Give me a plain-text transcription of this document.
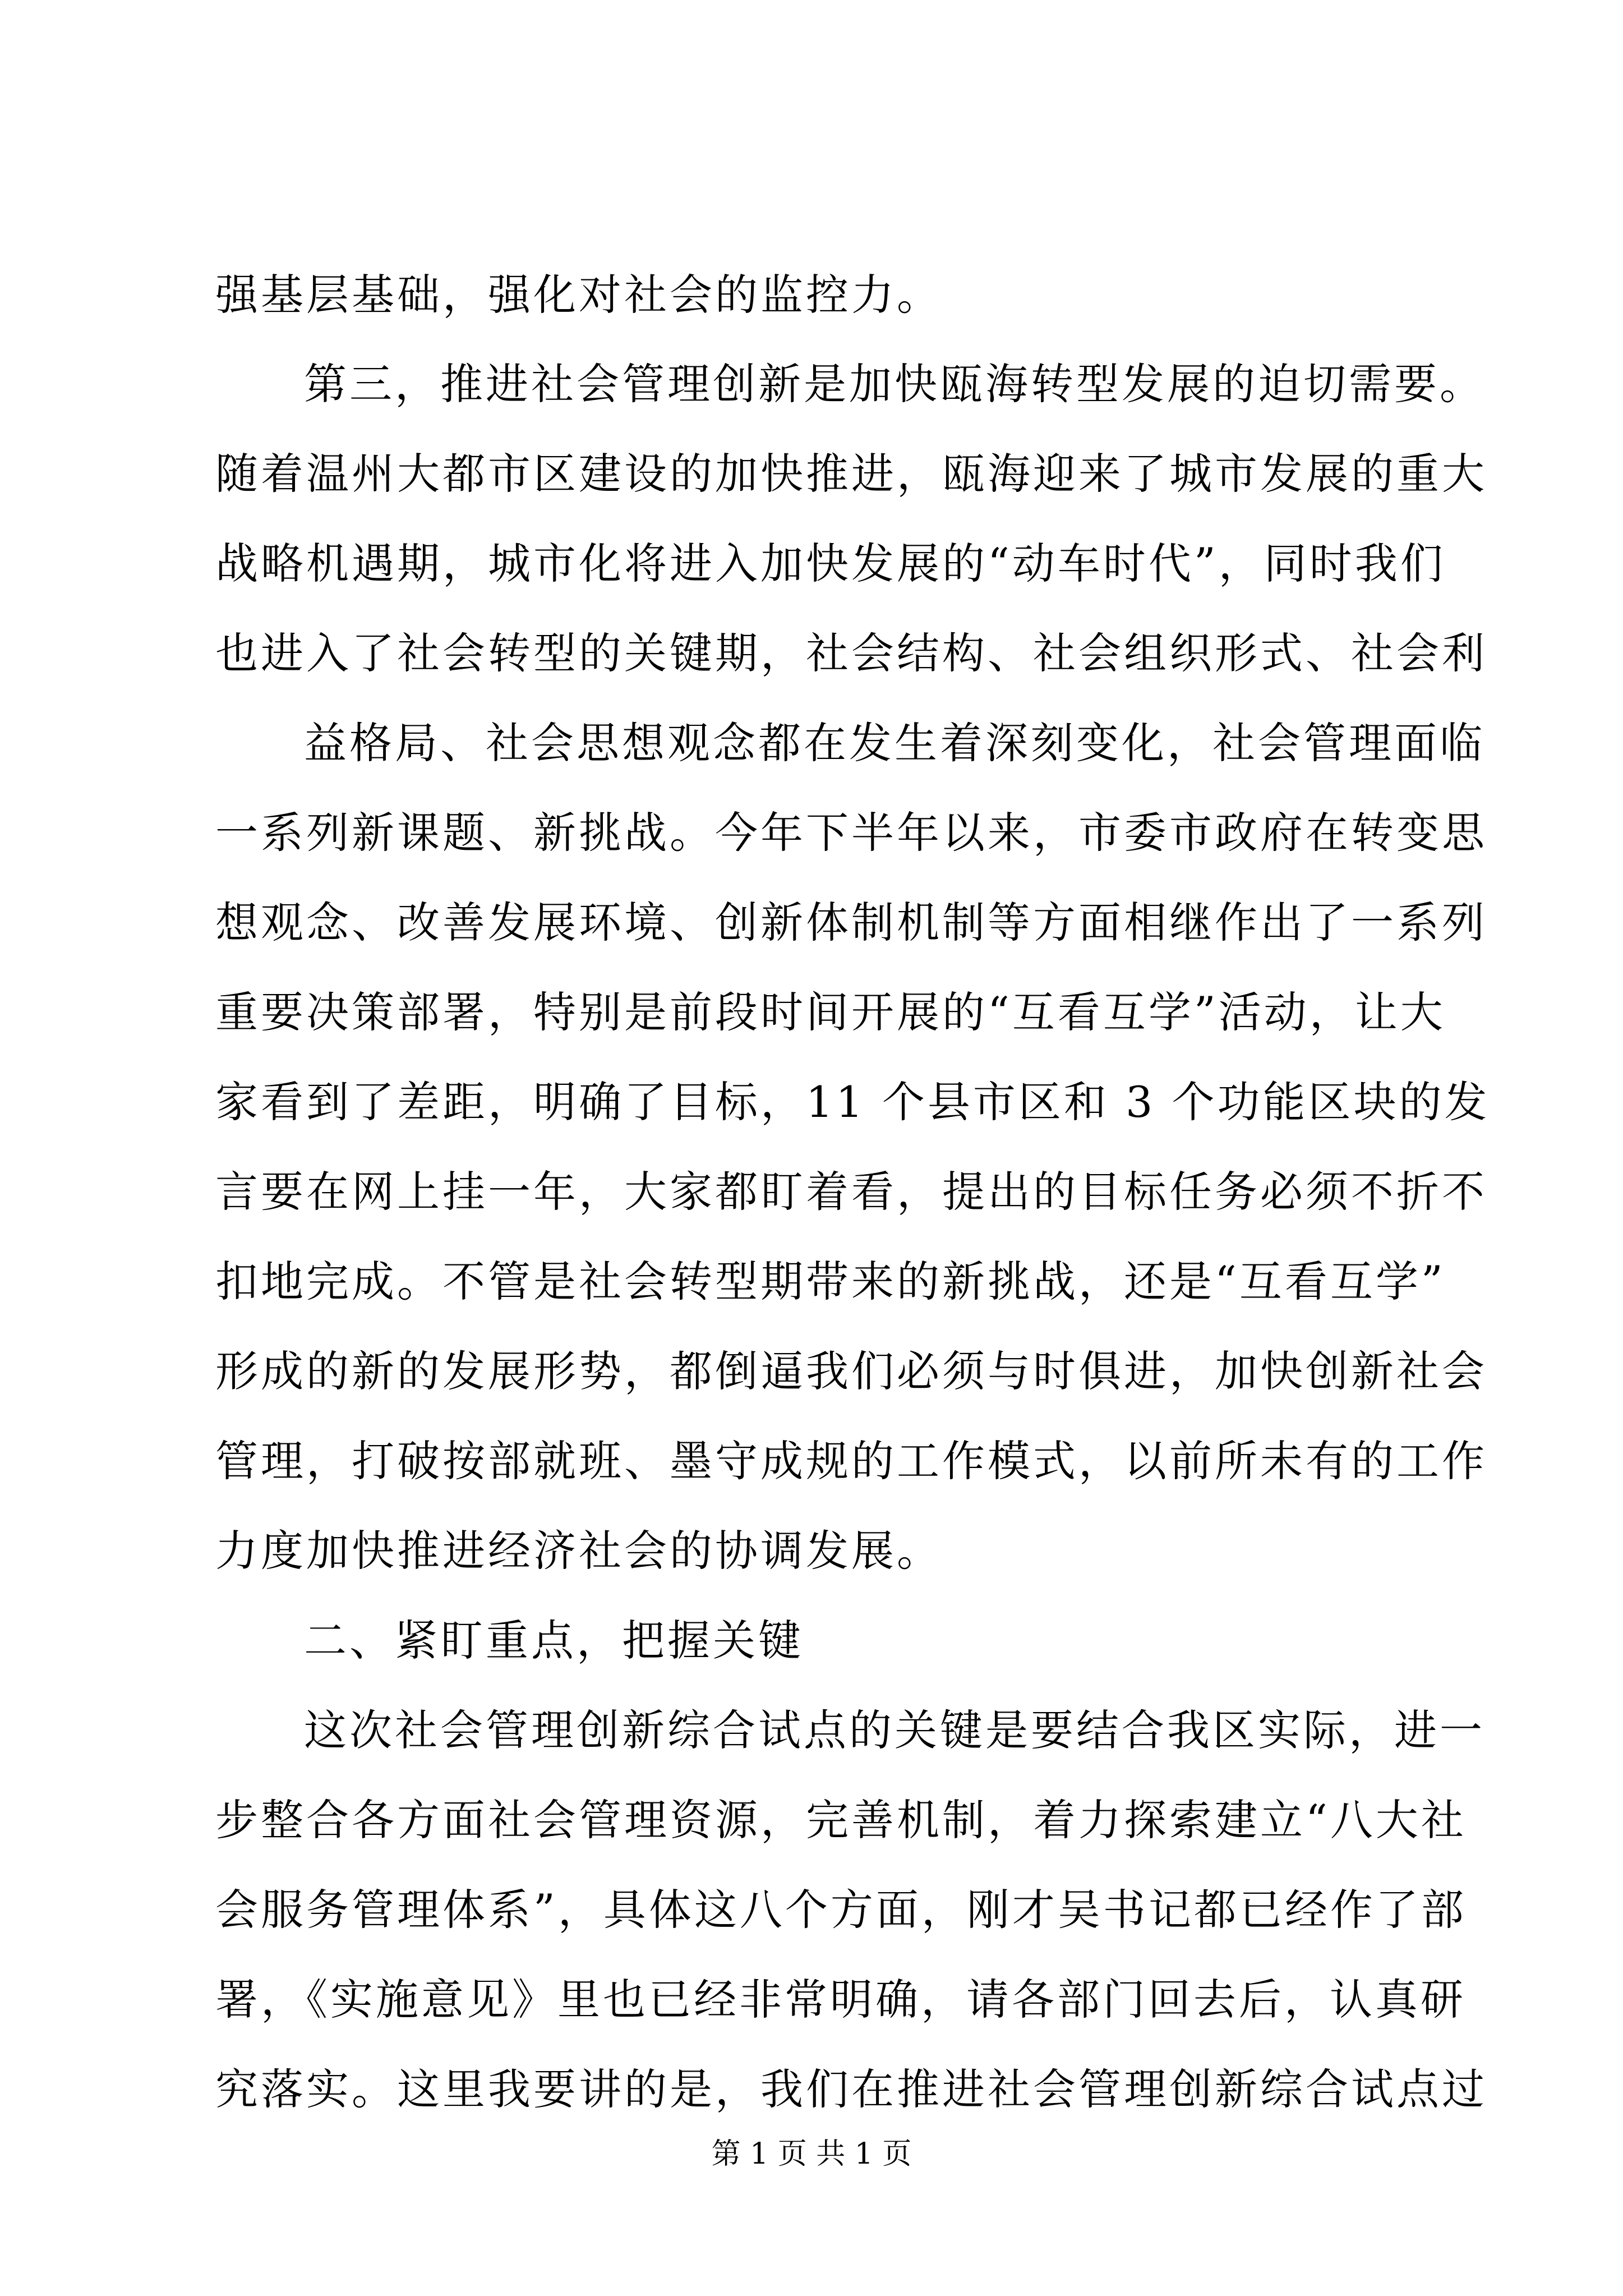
强基层基础，强化对社会的监控力。
第三，推进社会管理创新是加快瓯海转型发展的迫切需要。
随着温州大都市区建设的加快推进，瓯海迎来了城市发展的重大
战略机遇期，城市化将进入加快发展的“动车时代”，同时我们
也进入了社会转型的关键期，社会结构、社会组织形式、社会利
益格局、社会思想观念都在发生着深刻变化，社会管理面临
一系列新课题、新挑战。今年下半年以来，市委市政府在转变思
想观念、改善发展环境、创新体制机制等方面相继作出了一系列
重要决策部署，特别是前段时间开展的“互看互学”活动，让大
家看到了差距，明确了目标，11 个县市区和 3 个功能区块的发
言要在网上挂一年，大家都盯着看，提出的目标任务必须不折不
扣地完成。不管是社会转型期带来的新挑战，还是“互看互学”
形成的新的发展形势，都倒逼我们必须与时俱进，加快创新社会
管理，打破按部就班、墨守成规的工作模式，以前所未有的工作
力度加快推进经济社会的协调发展。
二、紧盯重点，把握关键
这次社会管理创新综合试点的关键是要结合我区实际，进一
步整合各方面社会管理资源，完善机制，着力探索建立“八大社
会服务管理体系”，具体这八个方面，刚才吴书记都已经作了部
署，《实施意见》里也已经非常明确，请各部门回去后，认真研
究落实。这里我要讲的是，我们在推进社会管理创新综合试点过
第 1 页 共 1 页
